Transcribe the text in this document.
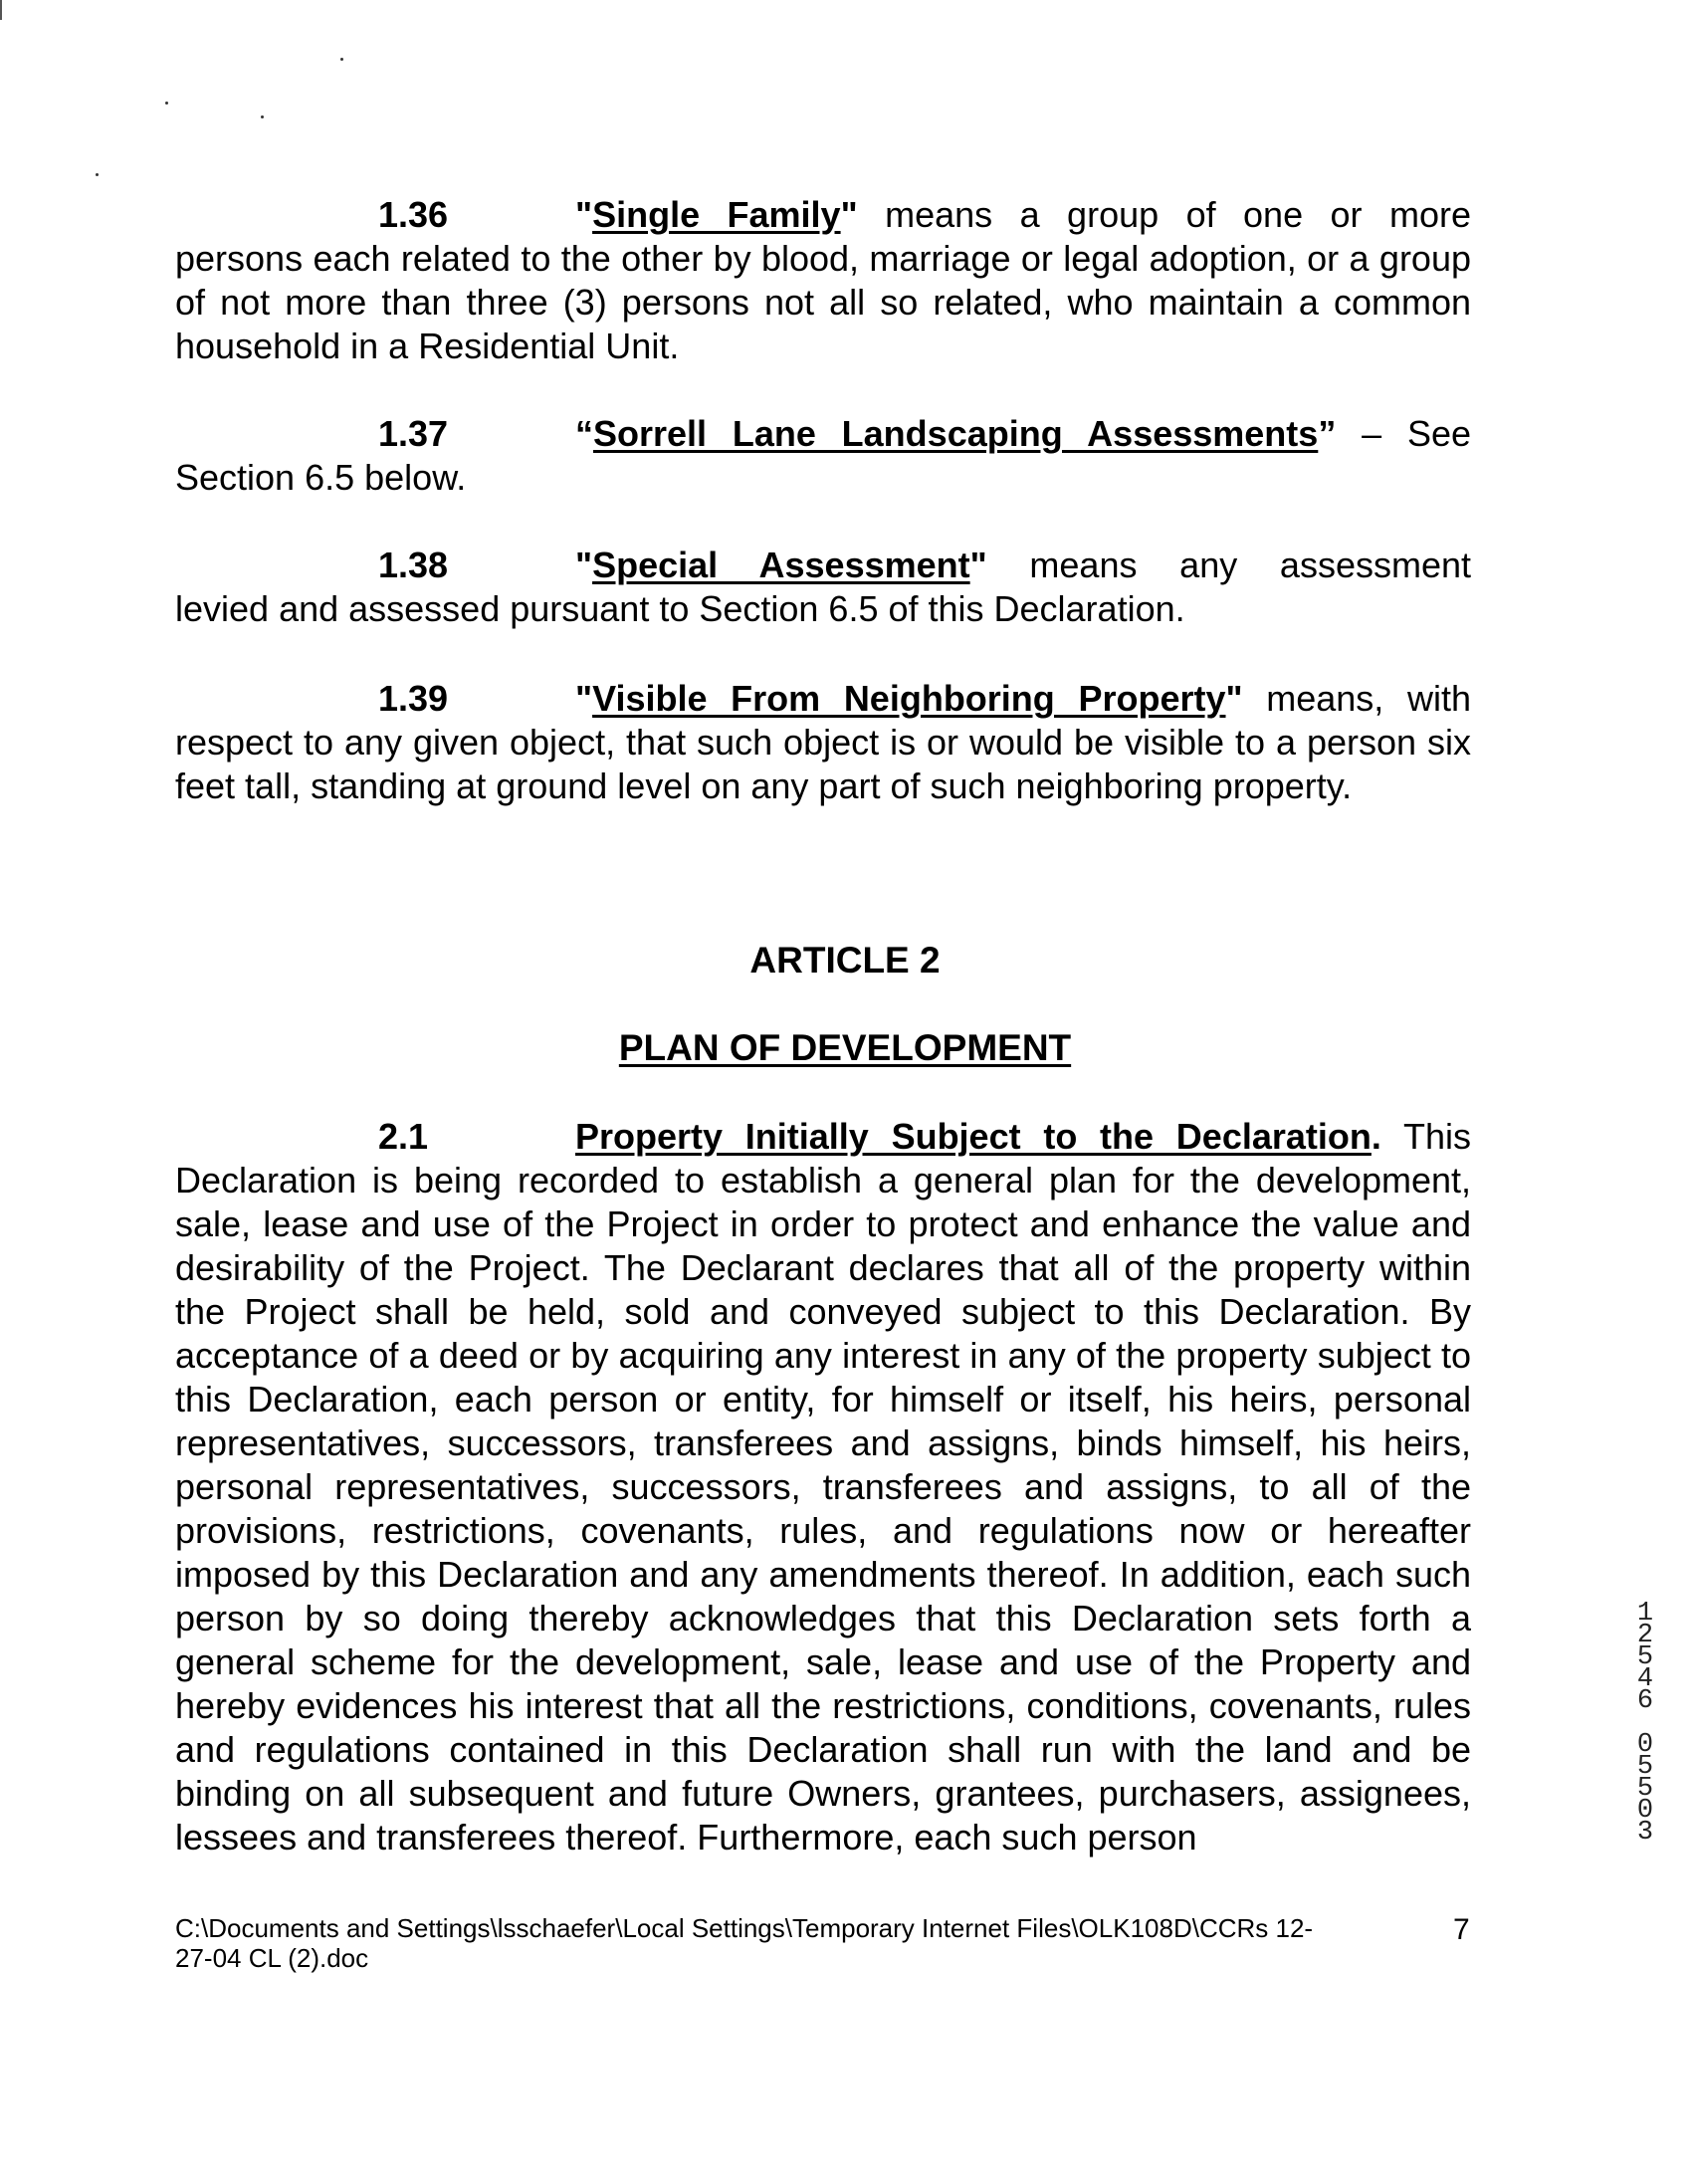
1.36	"Single Family" means a group of one or more
persons each related to the other by blood, marriage or legal adoption, or a group of not more than three (3) persons not all so related, who maintain a common household in a Residential Unit.
1.37	“Sorrell Lane Landscaping Assessments” – See
Section 6.5 below.
1.38	"Special Assessment" means any assessment
levied and assessed pursuant to Section 6.5 of this Declaration.
1.39	"Visible From Neighboring Property" means, with
respect to any given object, that such object is or would be visible to a person six feet tall, standing at ground level on any part of such neighboring property.
ARTICLE 2
PLAN OF DEVELOPMENT
2.1	Property Initially Subject to the Declaration. This
Declaration is being recorded to establish a general plan for the development, sale, lease and use of the Project in order to protect and enhance the value and desirability of the Project. The Declarant declares that all of the property within the Project shall be held, sold and conveyed subject to this Declaration. By acceptance of a deed or by acquiring any interest in any of the property subject to this Declaration, each person or entity, for himself or itself, his heirs, personal representatives, successors, transferees and assigns, binds himself, his heirs, personal representatives, successors, transferees and assigns, to all of the provisions, restrictions, covenants, rules, and regulations now or hereafter imposed by this Declaration and any amendments thereof. In addition, each such person by so doing thereby acknowledges that this Declaration sets forth a general scheme for the development, sale, lease and use of the Property and hereby evidences his interest that all the restrictions, conditions, covenants, rules and regulations contained in this Declaration shall run with the land and be binding on all subsequent and future Owners, grantees, purchasers, assignees, lessees and transferees thereof. Furthermore, each such person
C:\Documents and Settings\lsschaefer\Local Settings\Temporary Internet Files\OLK108D\CCRs 12-
27-04 CL (2).doc
7
1
2
5
4
6

0
5
5
0
3
